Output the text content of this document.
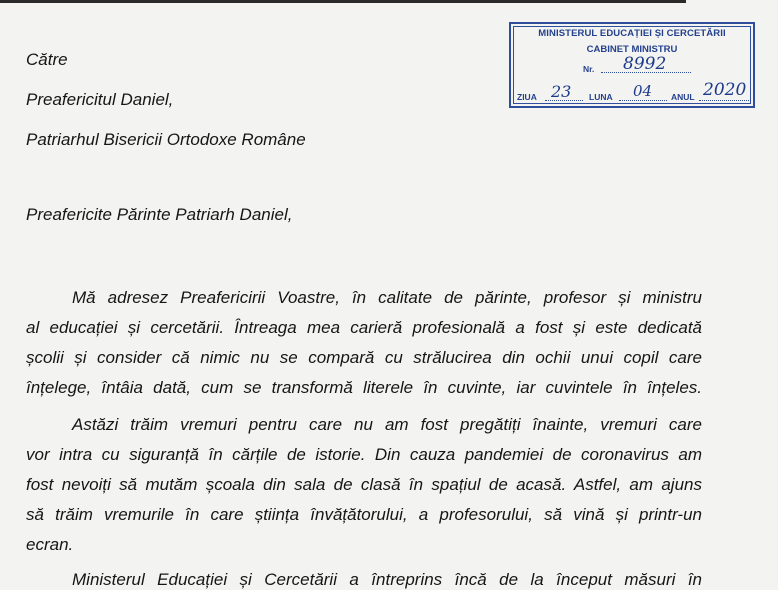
MINISTERUL EDUCAȚIEI ȘI CERCETĂRII
CABINET MINISTRU
Nr. 8992
ZIUA 23 LUNA 04 ANUL 2020
Către
Preafericitul Daniel,
Patriarhul Bisericii Ortodoxe Române
Preafericite Părinte Patriarh Daniel,
Mă adresez Preafericirii Voastre, în calitate de părinte, profesor și ministru
al educației și cercetării. Întreaga mea carieră profesională a fost și este dedicată
școlii și consider că nimic nu se compară cu strălucirea din ochii unui copil care
înțelege, întâia dată, cum se transformă literele în cuvinte, iar cuvintele în înțeles.
Astăzi trăim vremuri pentru care nu am fost pregătiți înainte, vremuri care
vor intra cu siguranță în cărțile de istorie. Din cauza pandemiei de coronavirus am
fost nevoiți să mutăm școala din sala de clasă în spațiul de acasă. Astfel, am ajuns
să trăim vremurile în care știința învățătorului, a profesorului, să vină și printr-un
ecran.
Ministerul Educației și Cercetării a întreprins încă de la început măsuri în
